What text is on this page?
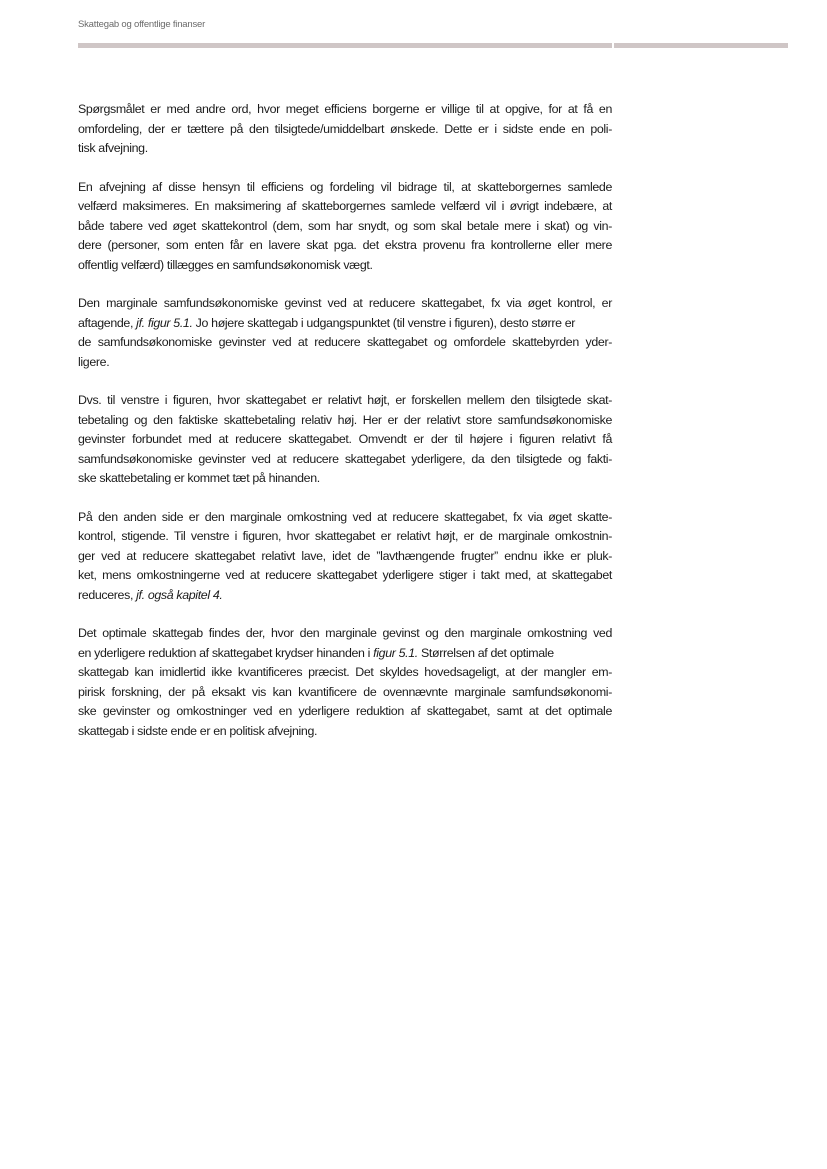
Skattegab og offentlige finanser

Spørgsmålet er med andre ord, hvor meget efficiens borgerne er villige til at opgive, for at få en
omfordeling, der er tættere på den tilsigtede/umiddelbart ønskede. Dette er i sidste ende en poli-
tisk afvejning.

En afvejning af disse hensyn til efficiens og fordeling vil bidrage til, at skatteborgernes samlede
velfærd maksimeres. En maksimering af skatteborgernes samlede velfærd vil i øvrigt indebære, at
både tabere ved øget skattekontrol (dem, som har snydt, og som skal betale mere i skat) og vin-
dere (personer, som enten får en lavere skat pga. det ekstra provenu fra kontrollerne eller mere
offentlig velfærd) tillægges en samfundsøkonomisk vægt.

Den marginale samfundsøkonomiske gevinst ved at reducere skattegabet, fx via øget kontrol, er
aftagende, jf. figur 5.1. Jo højere skattegab i udgangspunktet (til venstre i figuren), desto større er
de samfundsøkonomiske gevinster ved at reducere skattegabet og omfordele skattebyrden yder-
ligere.

Dvs. til venstre i figuren, hvor skattegabet er relativt højt, er forskellen mellem den tilsigtede skat-
tebetaling og den faktiske skattebetaling relativ høj. Her er der relativt store samfundsøkonomiske
gevinster forbundet med at reducere skattegabet. Omvendt er der til højere i figuren relativt få
samfundsøkonomiske gevinster ved at reducere skattegabet yderligere, da den tilsigtede og fakti-
ske skattebetaling er kommet tæt på hinanden.

På den anden side er den marginale omkostning ved at reducere skattegabet, fx via øget skatte-
kontrol, stigende. Til venstre i figuren, hvor skattegabet er relativt højt, er de marginale omkostnin-
ger ved at reducere skattegabet relativt lave, idet de ”lavthængende frugter” endnu ikke er pluk-
ket, mens omkostningerne ved at reducere skattegabet yderligere stiger i takt med, at skattegabet
reduceres, jf. også kapitel 4.

Det optimale skattegab findes der, hvor den marginale gevinst og den marginale omkostning ved
en yderligere reduktion af skattegabet krydser hinanden i figur 5.1. Størrelsen af det optimale
skattegab kan imidlertid ikke kvantificeres præcist. Det skyldes hovedsageligt, at der mangler em-
pirisk forskning, der på eksakt vis kan kvantificere de ovennævnte marginale samfundsøkonomi-
ske gevinster og omkostninger ved en yderligere reduktion af skattegabet, samt at det optimale
skattegab i sidste ende er en politisk afvejning.
